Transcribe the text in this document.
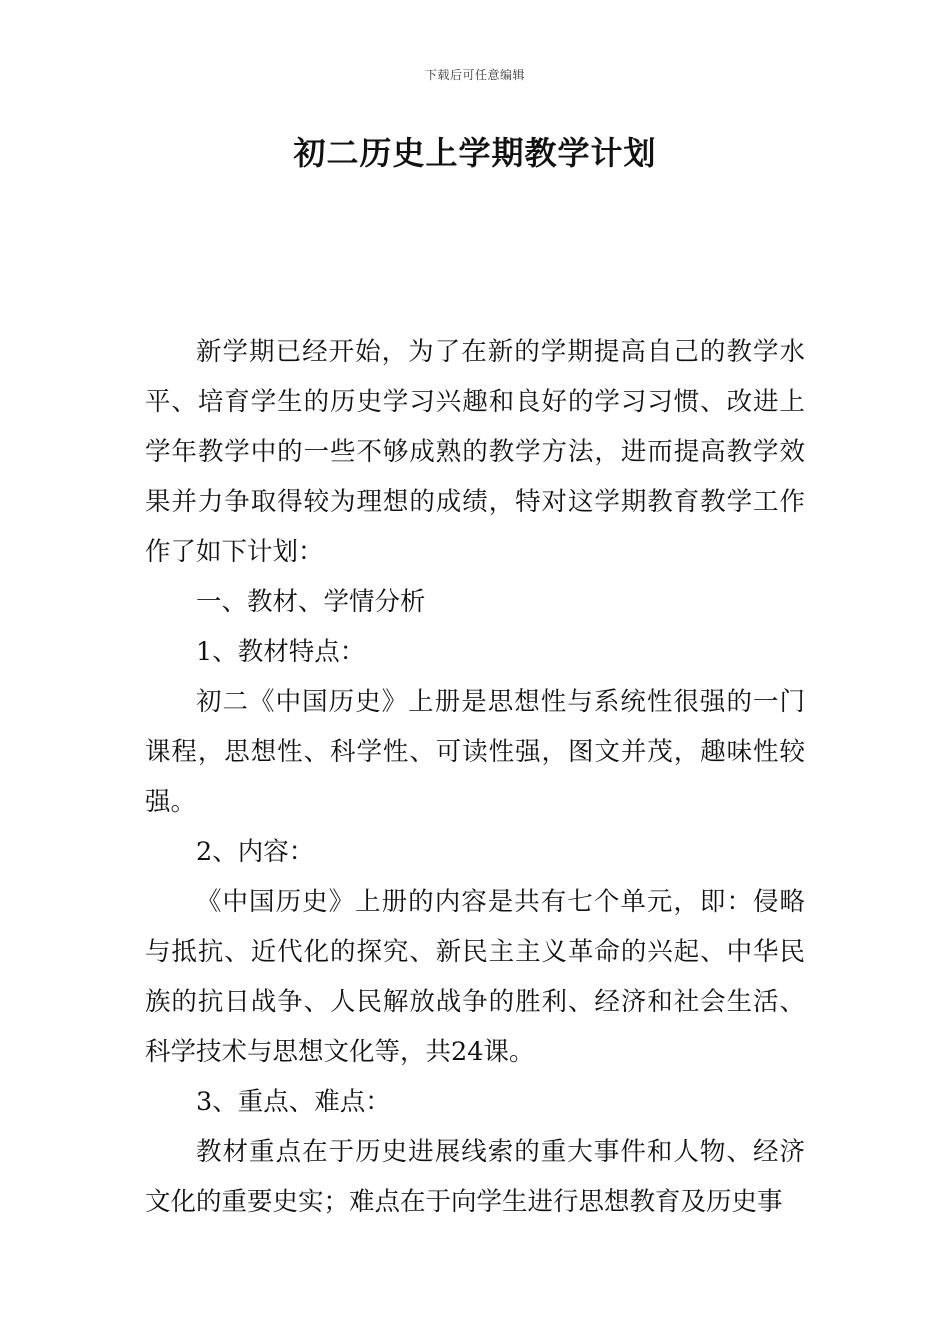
下载后可任意编辑
初二历史上学期教学计划

新学期已经开始，为了在新的学期提高自己的教学水平、培育学生的历史学习兴趣和良好的学习习惯、改进上学年教学中的一些不够成熟的教学方法，进而提高教学效果并力争取得较为理想的成绩，特对这学期教育教学工作作了如下计划：

一、教材、学情分析

1、教材特点：

初二《中国历史》上册是思想性与系统性很强的一门课程，思想性、科学性、可读性强，图文并茂，趣味性较强。

2、内容：

《中国历史》上册的内容是共有七个单元，即：侵略与抵抗、近代化的探究、新民主主义革命的兴起、中华民族的抗日战争、人民解放战争的胜利、经济和社会生活、科学技术与思想文化等，共24课。

3、重点、难点：

教材重点在于历史进展线索的重大事件和人物、经济文化的重要史实；难点在于向学生进行思想教育及历史事
